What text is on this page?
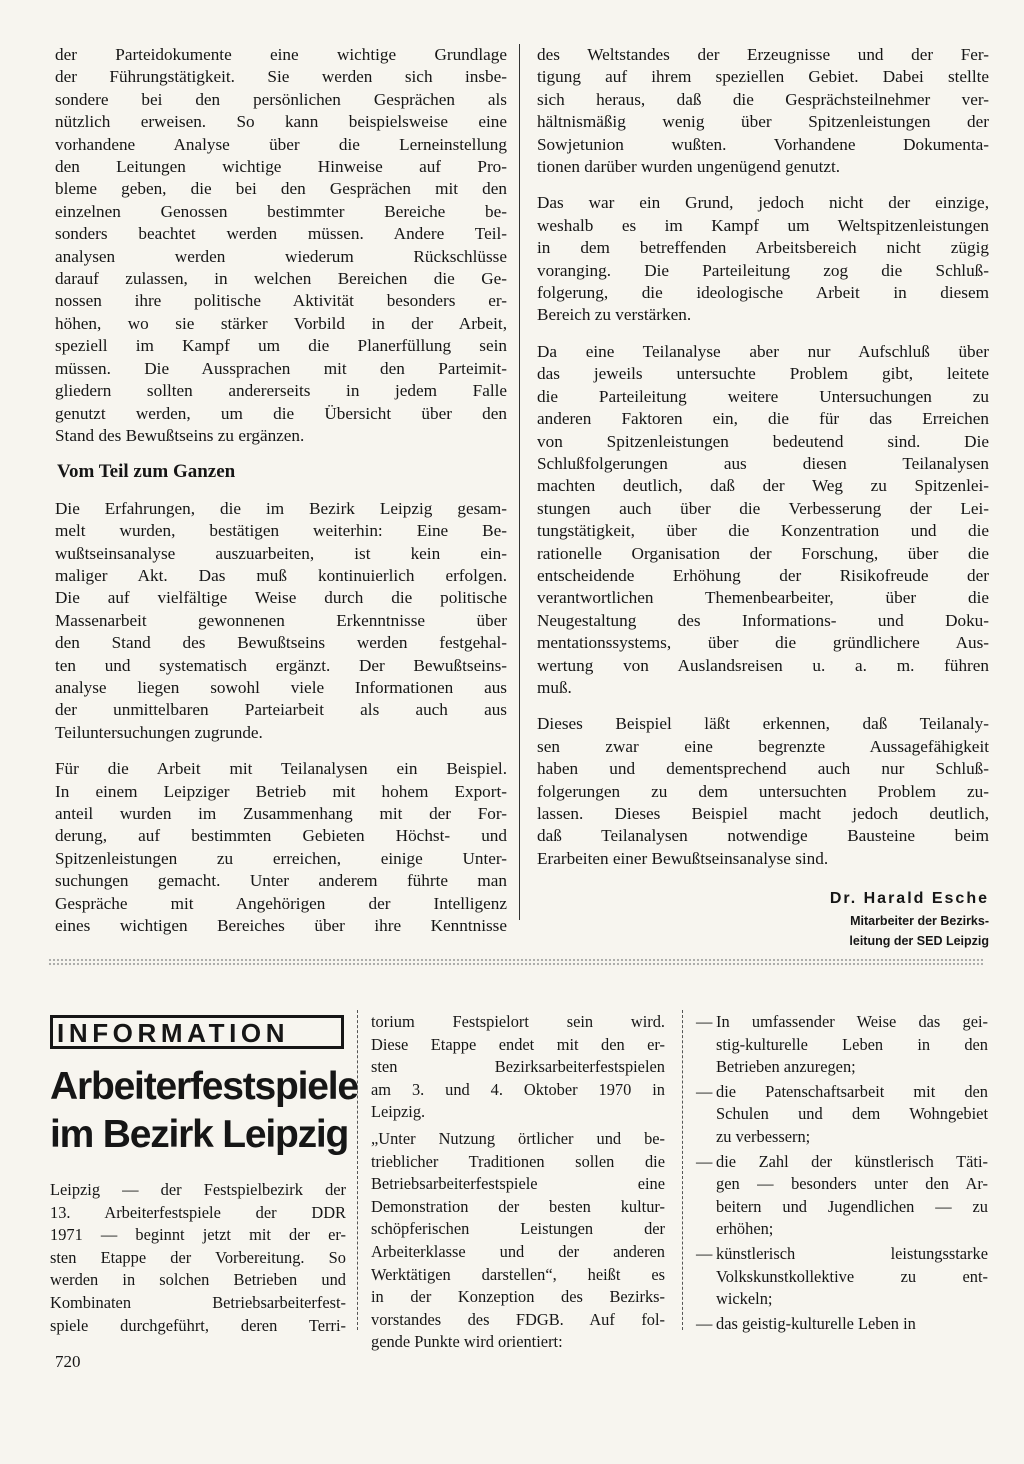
der Parteidokumente eine wichtige Grundlage
der Führungstätigkeit. Sie werden sich insbe-
sondere bei den persönlichen Gesprächen als
nützlich erweisen. So kann beispielsweise eine
vorhandene Analyse über die Lerneinstellung
den Leitungen wichtige Hinweise auf Pro-
bleme geben, die bei den Gesprächen mit den
einzelnen Genossen bestimmter Bereiche be-
sonders beachtet werden müssen. Andere Teil-
analysen werden wiederum Rückschlüsse
darauf zulassen, in welchen Bereichen die Ge-
nossen ihre politische Aktivität besonders er-
höhen, wo sie stärker Vorbild in der Arbeit,
speziell im Kampf um die Planerfüllung sein
müssen. Die Aussprachen mit den Parteimit-
gliedern sollten andererseits in jedem Falle
genutzt werden, um die Übersicht über den
Stand des Bewußtseins zu ergänzen.
Vom Teil zum Ganzen
Die Erfahrungen, die im Bezirk Leipzig gesam-
melt wurden, bestätigen weiterhin: Eine Be-
wußtseinsanalyse auszuarbeiten, ist kein ein-
maliger Akt. Das muß kontinuierlich erfolgen.
Die auf vielfältige Weise durch die politische
Massenarbeit gewonnenen Erkenntnisse über
den Stand des Bewußtseins werden festgehal-
ten und systematisch ergänzt. Der Bewußtseins-
analyse liegen sowohl viele Informationen aus
der unmittelbaren Parteiarbeit als auch aus
Teiluntersuchungen zugrunde.
Für die Arbeit mit Teilanalysen ein Beispiel.
In einem Leipziger Betrieb mit hohem Export-
anteil wurden im Zusammenhang mit der For-
derung, auf bestimmten Gebieten Höchst- und
Spitzenleistungen zu erreichen, einige Unter-
suchungen gemacht. Unter anderem führte man
Gespräche mit Angehörigen der Intelligenz
eines wichtigen Bereiches über ihre Kenntnisse
des Weltstandes der Erzeugnisse und der Fer-
tigung auf ihrem speziellen Gebiet. Dabei stellte
sich heraus, daß die Gesprächsteilnehmer ver-
hältnismäßig wenig über Spitzenleistungen der
Sowjetunion wußten. Vorhandene Dokumenta-
tionen darüber wurden ungenügend genutzt.
Das war ein Grund, jedoch nicht der einzige,
weshalb es im Kampf um Weltspitzenleistungen
in dem betreffenden Arbeitsbereich nicht zügig
voranging. Die Parteileitung zog die Schluß-
folgerung, die ideologische Arbeit in diesem
Bereich zu verstärken.
Da eine Teilanalyse aber nur Aufschluß über
das jeweils untersuchte Problem gibt, leitete
die Parteileitung weitere Untersuchungen zu
anderen Faktoren ein, die für das Erreichen
von Spitzenleistungen bedeutend sind. Die
Schlußfolgerungen aus diesen Teilanalysen
machten deutlich, daß der Weg zu Spitzenlei-
stungen auch über die Verbesserung der Lei-
tungstätigkeit, über die Konzentration und die
rationelle Organisation der Forschung, über die
entscheidende Erhöhung der Risikofreude der
verantwortlichen Themenbearbeiter, über die
Neugestaltung des Informations- und Doku-
mentationssystems, über die gründlichere Aus-
wertung von Auslandsreisen u. a. m. führen
muß.
Dieses Beispiel läßt erkennen, daß Teilanaly-
sen zwar eine begrenzte Aussagefähigkeit
haben und dementsprechend auch nur Schluß-
folgerungen zu dem untersuchten Problem zu-
lassen. Dieses Beispiel macht jedoch deutlich,
daß Teilanalysen notwendige Bausteine beim
Erarbeiten einer Bewußtseinsanalyse sind.
Dr. Harald Esche
Mitarbeiter der Bezirks-
leitung der SED Leipzig
INFORMATION
Arbeiterfestspiele
im Bezirk Leipzig
Leipzig — der Festspielbezirk der
13. Arbeiterfestspiele der DDR
1971 — beginnt jetzt mit der er-
sten Etappe der Vorbereitung. So
werden in solchen Betrieben und
Kombinaten Betriebsarbeiterfest-
spiele durchgeführt, deren Terri-
torium Festspielort sein wird.
Diese Etappe endet mit den er-
sten Bezirksarbeiterfestspielen
am 3. und 4. Oktober 1970 in
Leipzig.
„Unter Nutzung örtlicher und be-
trieblicher Traditionen sollen die
Betriebsarbeiterfestspiele eine
Demonstration der besten kultur-
schöpferischen Leistungen der
Arbeiterklasse und der anderen
Werktätigen darstellen“, heißt es
in der Konzeption des Bezirks-
vorstandes des FDGB. Auf fol-
gende Punkte wird orientiert:
— In umfassender Weise das gei-
stig-kulturelle Leben in den
Betrieben anzuregen;
— die Patenschaftsarbeit mit den
Schulen und dem Wohngebiet
zu verbessern;
— die Zahl der künstlerisch Täti-
gen — besonders unter den Ar-
beitern und Jugendlichen — zu
erhöhen;
— künstlerisch leistungsstarke
Volkskunstkollektive zu ent-
wickeln;
— das geistig-kulturelle Leben in
720
